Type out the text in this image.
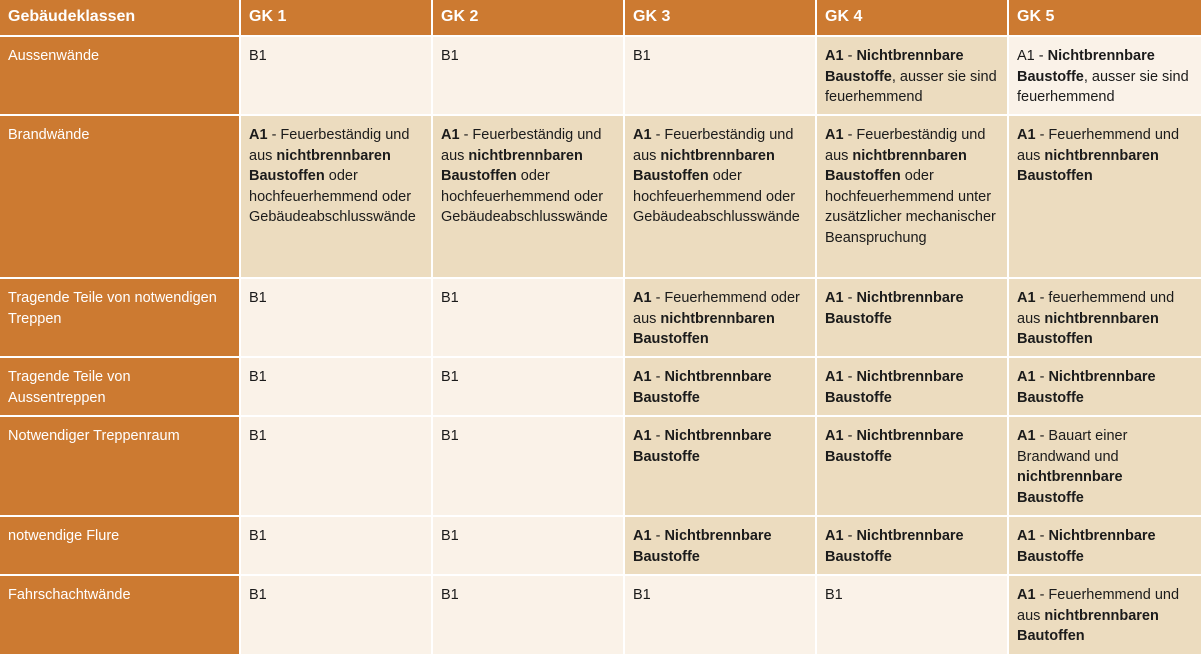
Gebäudeklassen	GK 1	GK 2	GK 3	GK 4	GK 5
Aussenwände	B1	B1	B1	A1 - Nichtbrennbare Baustoffe, ausser sie sind feuerhemmend	A1 - Nichtbrennbare Baustoffe, ausser sie sind feuerhemmend
Brandwände	A1 - Feuerbeständig und aus nichtbrennbaren Baustoffen oder hochfeuerhemmend oder Gebäudeabschlusswände	A1 - Feuerbeständig und aus nichtbrennbaren Baustoffen oder hochfeuerhemmend oder Gebäudeabschlusswände	A1 - Feuerbeständig und aus nichtbrennbaren Baustoffen oder hochfeuerhemmend oder Gebäudeabschlusswände	A1 - Feuerbeständig und aus nichtbrennbaren Baustoffen oder hochfeuerhemmend unter zusätzlicher mechanischer Beanspruchung	A1 - Feuerhemmend und aus nichtbrennbaren Baustoffen
Tragende Teile von notwendigen Treppen	B1	B1	A1 - Feuerhemmend oder aus nichtbrennbaren Baustoffen	A1 - Nichtbrennbare Baustoffe	A1 - feuerhemmend und aus nichtbrennbaren Baustoffen
Tragende Teile von Aussentreppen	B1	B1	A1 - Nichtbrennbare Baustoffe	A1 - Nichtbrennbare Baustoffe	A1 - Nichtbrennbare Baustoffe
Notwendiger Treppenraum	B1	B1	A1 - Nichtbrennbare Baustoffe	A1 - Nichtbrennbare Baustoffe	A1 - Bauart einer Brandwand und nichtbrennbare Baustoffe
notwendige Flure	B1	B1	A1 - Nichtbrennbare Baustoffe	A1 - Nichtbrennbare Baustoffe	A1 - Nichtbrennbare Baustoffe
Fahrschachtwände	B1	B1	B1	B1	A1 - Feuerhemmend und aus nichtbrennbaren Bautoffen
